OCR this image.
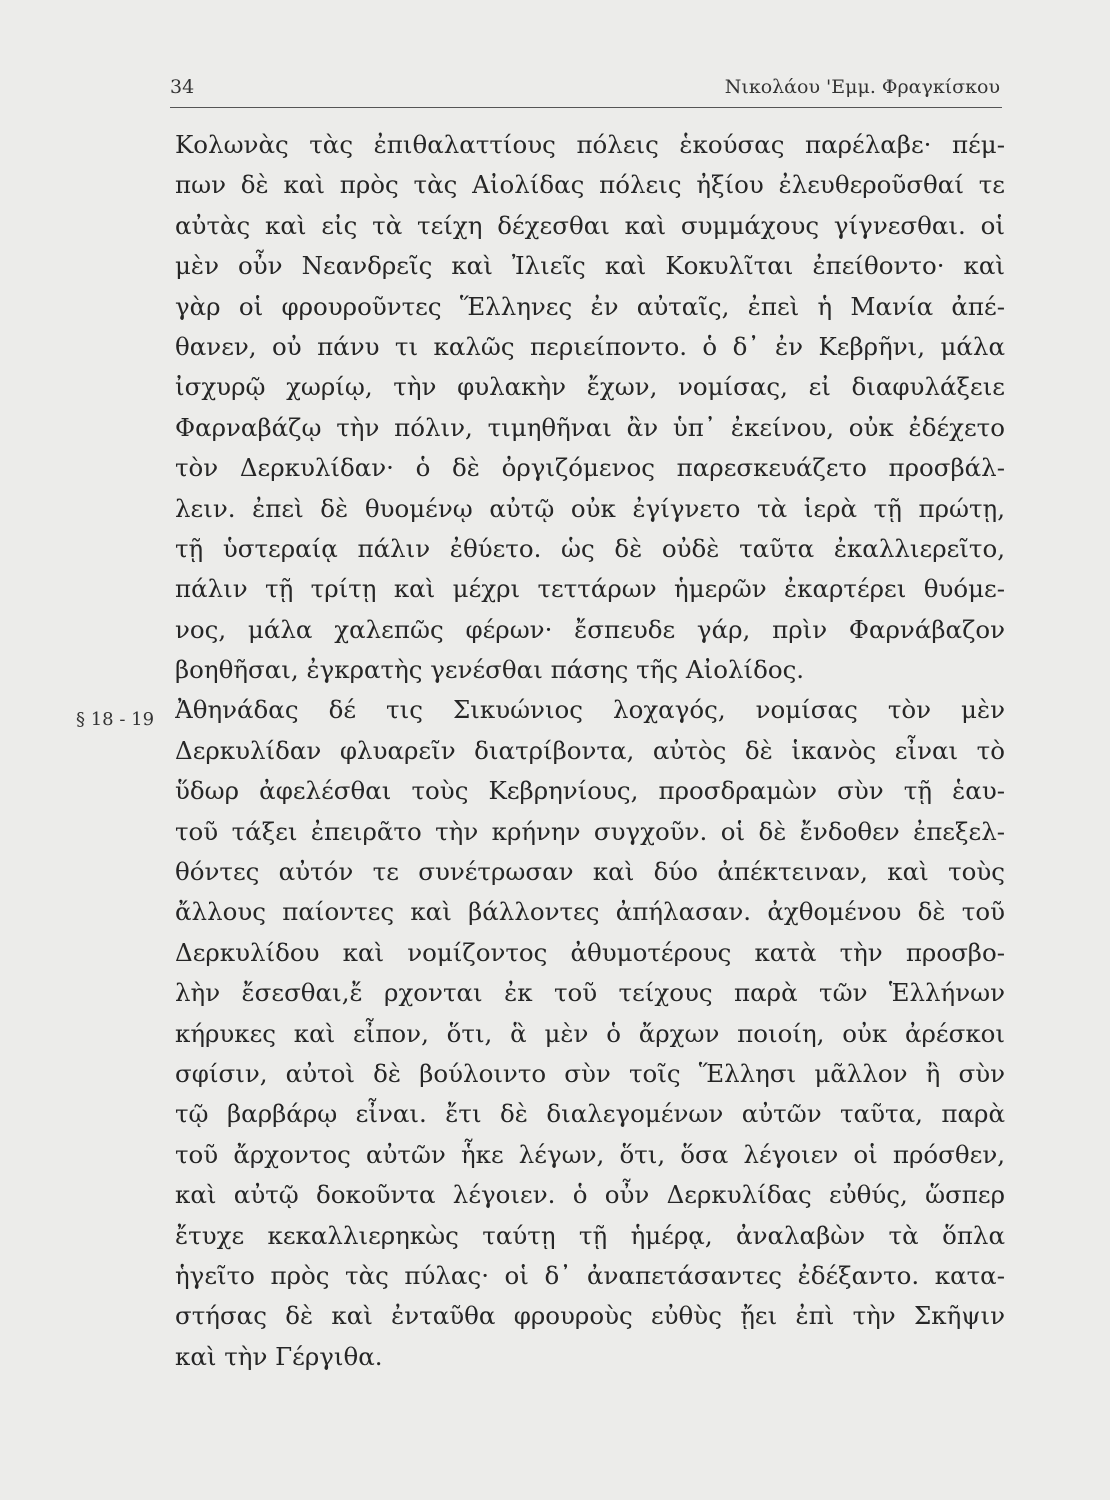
34	Νικολάου 'Εμμ. Φραγκίσκου
§ 18 - 19
Κολωνὰς τὰς ἐπιθαλαττίους πόλεις ἑκούσας παρέλαβε· πέμ-
πων δὲ καὶ πρὸς τὰς Αἰολίδας πόλεις ἠξίου ἐλευθεροῦσθαί τε
αὐτὰς καὶ εἰς τὰ τείχη δέχεσθαι καὶ συμμάχους γίγνεσθαι. οἱ
μὲν οὖν Νεανδρεῖς καὶ Ἰλιεῖς καὶ Κοκυλῖται ἐπείθοντο· καὶ
γὰρ οἱ φρουροῦντες Ἕλληνες ἐν αὐταῖς, ἐπεὶ ἡ Μανία ἀπέ-
θανεν, οὐ πάνυ τι καλῶς περιείποντο. ὁ δ᾽ ἐν Κεβρῆνι, μάλα
ἰσχυρῷ χωρίῳ, τὴν φυλακὴν ἔχων, νομίσας, εἰ διαφυλάξειε
Φαρναβάζῳ τὴν πόλιν, τιμηθῆναι ἂν ὑπ᾽ ἐκείνου, οὐκ ἐδέχετο
τὸν Δερκυλίδαν· ὁ δὲ ὀργιζόμενος παρεσκευάζετο προσβάλ-
λειν. ἐπεὶ δὲ θυομένῳ αὐτῷ οὐκ ἐγίγνετο τὰ ἱερὰ τῇ πρώτῃ,
τῇ ὑστεραίᾳ πάλιν ἐθύετο. ὡς δὲ οὐδὲ ταῦτα ἐκαλλιερεῖτο,
πάλιν τῇ τρίτῃ καὶ μέχρι τεττάρων ἡμερῶν ἐκαρτέρει θυόμε-
νος, μάλα χαλεπῶς φέρων· ἔσπευδε γάρ, πρὶν Φαρνάβαζον
βοηθῆσαι, ἐγκρατὴς γενέσθαι πάσης τῆς Αἰολίδος.
Ἀθηνάδας δέ τις Σικυώνιος λοχαγός, νομίσας τὸν μὲν
Δερκυλίδαν φλυαρεῖν διατρίβοντα, αὐτὸς δὲ ἱκανὸς εἶναι τὸ
ὕδωρ ἀφελέσθαι τοὺς Κεβρηνίους, προσδραμὼν σὺν τῇ ἑαυ-
τοῦ τάξει ἐπειρᾶτο τὴν κρήνην συγχοῦν. οἱ δὲ ἔνδοθεν ἐπεξελ-
θόντες αὐτόν τε συνέτρωσαν καὶ δύο ἀπέκτειναν, καὶ τοὺς
ἄλλους παίοντες καὶ βάλλοντες ἀπήλασαν. ἀχθομένου δὲ τοῦ
Δερκυλίδου καὶ νομίζοντος ἀθυμοτέρους κατὰ τὴν προσβο-
λὴν ἔσεσθαι,ἔ ρχονται ἐκ τοῦ τείχους παρὰ τῶν Ἑλλήνων
κήρυκες καὶ εἶπον, ὅτι, ἃ μὲν ὁ ἄρχων ποιοίη, οὐκ ἀρέσκοι
σφίσιν, αὐτοὶ δὲ βούλοιντο σὺν τοῖς Ἕλλησι μᾶλλον ἢ σὺν
τῷ βαρβάρῳ εἶναι. ἔτι δὲ διαλεγομένων αὐτῶν ταῦτα, παρὰ
τοῦ ἄρχοντος αὐτῶν ἧκε λέγων, ὅτι, ὅσα λέγοιεν οἱ πρόσθεν,
καὶ αὐτῷ δοκοῦντα λέγοιεν. ὁ οὖν Δερκυλίδας εὐθύς, ὥσπερ
ἔτυχε κεκαλλιερηκὼς ταύτῃ τῇ ἡμέρᾳ, ἀναλαβὼν τὰ ὅπλα
ἡγεῖτο πρὸς τὰς πύλας· οἱ δ᾽ ἀναπετάσαντες ἐδέξαντο. κατα-
στήσας δὲ καὶ ἐνταῦθα φρουροὺς εὐθὺς ᾔει ἐπὶ τὴν Σκῆψιν
καὶ τὴν Γέργιθα.
